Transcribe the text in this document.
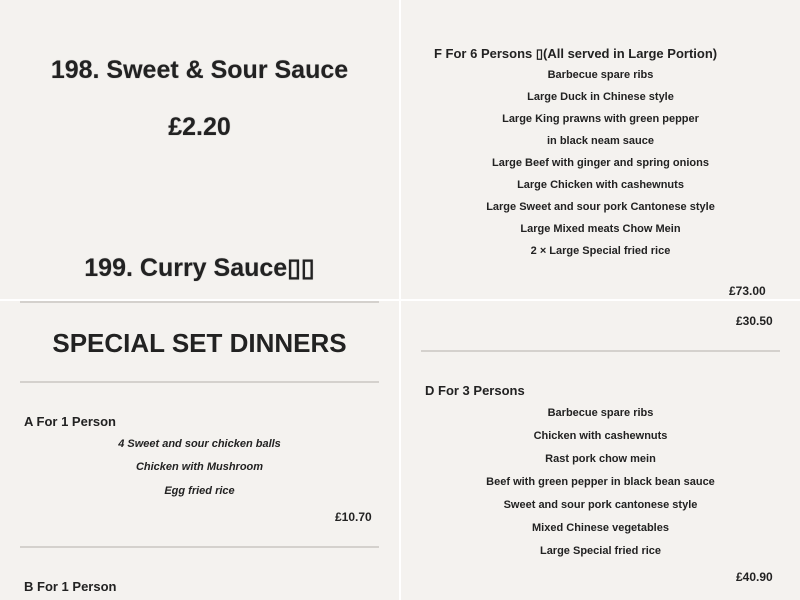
198. Sweet & Sour Sauce
£2.20
199. Curry Sauce▯▯
F For 6 Persons ▯(All served in Large Portion)
Barbecue spare ribs
Large Duck in Chinese style
Large King prawns with green pepper
in black neam sauce
Large Beef with ginger and spring onions
Large Chicken with cashewnuts
Large Sweet and sour pork Cantonese style
Large Mixed meats Chow Mein
2 × Large Special fried rice
£73.00
SPECIAL SET DINNERS
A For 1 Person
4 Sweet and sour chicken balls
Chicken with Mushroom
Egg fried rice
£10.70
B For 1 Person
£30.50
D For 3 Persons
Barbecue spare ribs
Chicken with cashewnuts
Rast pork chow mein
Beef with green pepper in black bean sauce
Sweet and sour pork cantonese style
Mixed Chinese vegetables
Large Special fried rice
£40.90
